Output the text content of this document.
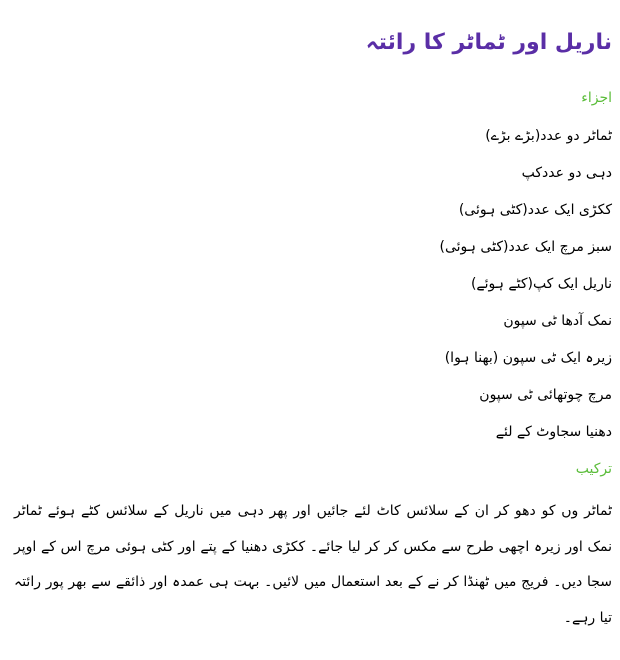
ناریل اور ٹماٹر کا رائتہ
اجزاء
ٹماٹر دو عدد(بڑے بڑے)
دہی دو عددکپ
ککڑی ایک عدد(کٹی ہوئی)
سبز مرچ ایک عدد(کٹی ہوئی)
ناریل ایک کپ(کٹے ہوئے)
نمک آدھا ٹی سپون
زیرہ ایک ٹی سپون (بھنا ہوا)
مرچ چوتھائی ٹی سپون
دھنیا سجاوٹ کے لئے
ترکیب

ٹماٹر وں کو دھو کر ان کے سلائس کاٹ لئے جائیں اور پھر دہی میں ناریل کے سلائس کٹے ہوئے ٹماٹر نمک اور زیرہ اچھی طرح سے مکس کر کر لیا جائے۔ ککڑی دھنیا کے پتے اور کٹی ہوئی مرچ اس کے اوپر سجا دیں۔ فریج میں ٹھنڈا کر نے کے بعد استعمال میں لائیں۔ بہت ہی عمدہ اور ذائقے سے بھر پور رائتہ تیا رہے۔
